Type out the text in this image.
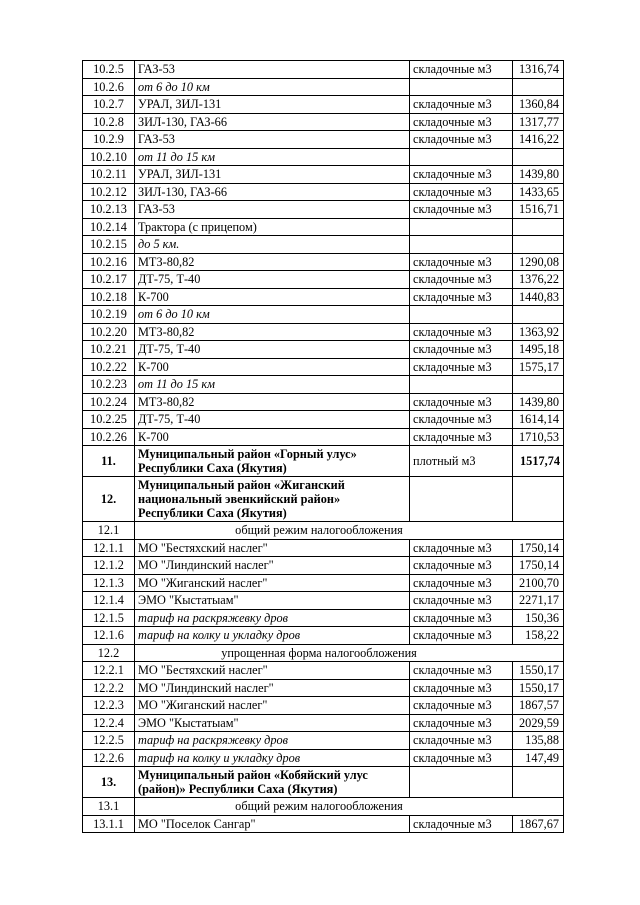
10.2.5	ГАЗ-53	складочные м3	1316,74
10.2.6	от 6 до 10 км		
10.2.7	УРАЛ, ЗИЛ-131	складочные м3	1360,84
10.2.8	ЗИЛ-130, ГАЗ-66	складочные м3	1317,77
10.2.9	ГАЗ-53	складочные м3	1416,22
10.2.10	от 11 до 15 км		
10.2.11	УРАЛ, ЗИЛ-131	складочные м3	1439,80
10.2.12	ЗИЛ-130, ГАЗ-66	складочные м3	1433,65
10.2.13	ГАЗ-53	складочные м3	1516,71
10.2.14	Трактора (с прицепом)		
10.2.15	до 5 км.		
10.2.16	МТЗ-80,82	складочные м3	1290,08
10.2.17	ДТ-75, Т-40	складочные м3	1376,22
10.2.18	К-700	складочные м3	1440,83
10.2.19	от 6 до 10 км		
10.2.20	МТЗ-80,82	складочные м3	1363,92
10.2.21	ДТ-75, Т-40	складочные м3	1495,18
10.2.22	К-700	складочные м3	1575,17
10.2.23	от 11 до 15 км		
10.2.24	МТЗ-80,82	складочные м3	1439,80
10.2.25	ДТ-75, Т-40	складочные м3	1614,14
10.2.26	К-700	складочные м3	1710,53
11.	Муниципальный район «Горный улус» Республики Саха (Якутия)	плотный м3	1517,74
12.	Муниципальный район «Жиганский национальный эвенкийский район» Республики Саха (Якутия)		
12.1	общий режим налогообложения		
12.1.1	МО "Бестяхский наслег"	складочные м3	1750,14
12.1.2	МО "Линдинский наслег"	складочные м3	1750,14
12.1.3	МО "Жиганский наслег"	складочные м3	2100,70
12.1.4	ЭМО "Кыстатыам"	складочные м3	2271,17
12.1.5	тариф на раскряжевку дров	складочные м3	150,36
12.1.6	тариф на колку и укладку дров	складочные м3	158,22
12.2	упрощенная форма налогообложения		
12.2.1	МО "Бестяхский наслег"	складочные м3	1550,17
12.2.2	МО "Линдинский наслег"	складочные м3	1550,17
12.2.3	МО "Жиганский наслег"	складочные м3	1867,57
12.2.4	ЭМО "Кыстатыам"	складочные м3	2029,59
12.2.5	тариф на раскряжевку дров	складочные м3	135,88
12.2.6	тариф на колку и укладку дров	складочные м3	147,49
13.	Муниципальный район «Кобяйский улус (район)» Республики Саха (Якутия)		
13.1	общий режим налогообложения		
13.1.1	МО "Поселок Сангар"	складочные м3	1867,67
